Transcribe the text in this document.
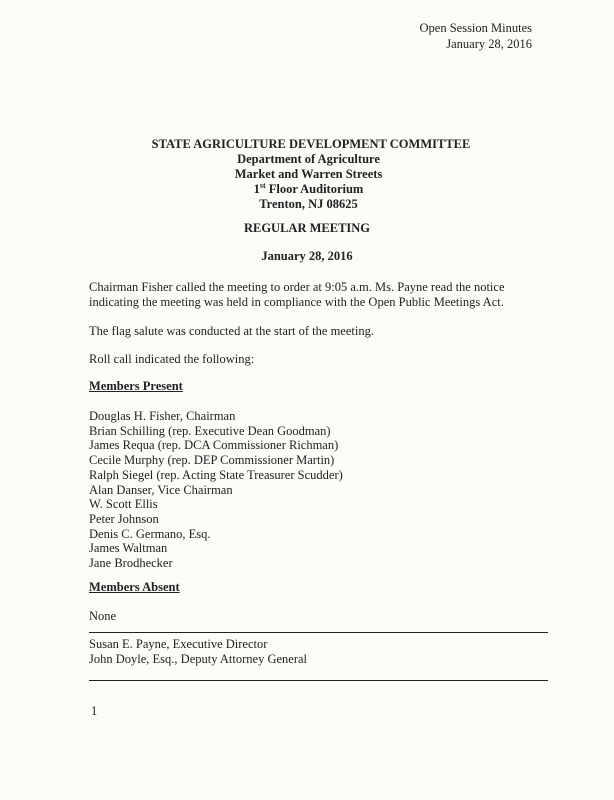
Open Session Minutes
January 28, 2016
STATE AGRICULTURE DEVELOPMENT COMMITTEE
Department of Agriculture
Market and Warren Streets
1st Floor Auditorium
Trenton, NJ 08625
REGULAR MEETING
January 28, 2016
Chairman Fisher called the meeting to order at 9:05 a.m. Ms. Payne read the notice
indicating the meeting was held in compliance with the Open Public Meetings Act.
The flag salute was conducted at the start of the meeting.
Roll call indicated the following:
Members Present
Douglas H. Fisher, Chairman
Brian Schilling (rep. Executive Dean Goodman)
James Requa (rep. DCA Commissioner Richman)
Cecile Murphy (rep. DEP Commissioner Martin)
Ralph Siegel (rep. Acting State Treasurer Scudder)
Alan Danser, Vice Chairman
W. Scott Ellis
Peter Johnson
Denis C. Germano, Esq.
James Waltman
Jane Brodhecker
Members Absent
None
Susan E. Payne, Executive Director
John Doyle, Esq., Deputy Attorney General
1
